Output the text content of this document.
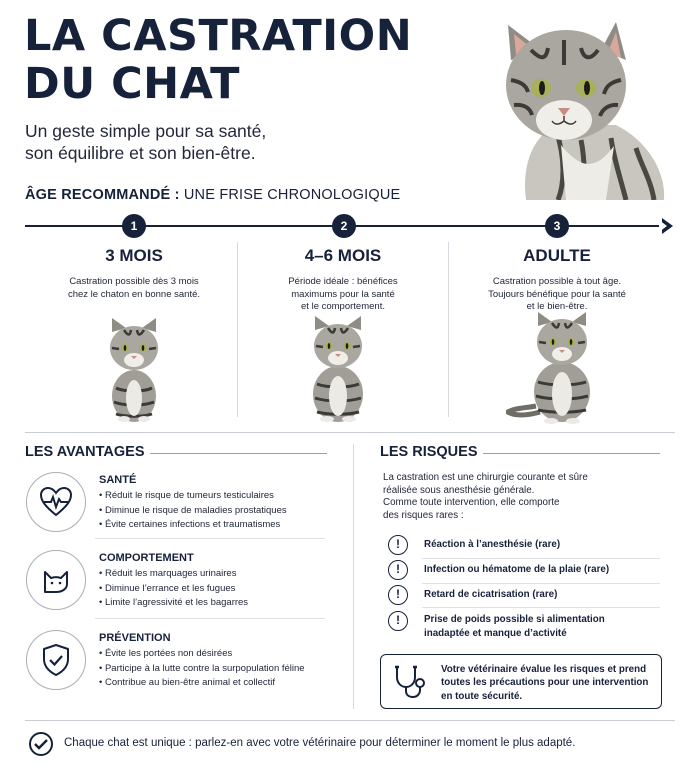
LA CASTRATION
DU CHAT
Un geste simple pour sa santé,
son équilibre et son bien-être.
ÂGE RECOMMANDÉ : UNE FRISE CHRONOLOGIQUE
1	2	3
3 MOIS
Castration possible dès 3 mois
chez le chaton en bonne santé.
4–6 MOIS
Période idéale : bénéfices
maximums pour la santé
et le comportement.
ADULTE
Castration possible à tout âge.
Toujours bénéfique pour la santé
et le bien-être.
LES AVANTAGES
SANTÉ
• Réduit le risque de tumeurs testiculaires
• Diminue le risque de maladies prostatiques
• Évite certaines infections et traumatismes
COMPORTEMENT
• Réduit les marquages urinaires
• Diminue l’errance et les fugues
• Limite l’agressivité et les bagarres
PRÉVENTION
• Évite les portées non désirées
• Participe à la lutte contre la surpopulation féline
• Contribue au bien-être animal et collectif
LES RISQUES
La castration est une chirurgie courante et sûre
réalisée sous anesthésie générale.
Comme toute intervention, elle comporte
des risques rares :
!	Réaction à l’anesthésie (rare)
!	Infection ou hématome de la plaie (rare)
!	Retard de cicatrisation (rare)
!	Prise de poids possible si alimentation
inadaptée et manque d’activité
Votre vétérinaire évalue les risques et prend
toutes les précautions pour une intervention
en toute sécurité.
Chaque chat est unique : parlez-en avec votre vétérinaire pour déterminer le moment le plus adapté.
